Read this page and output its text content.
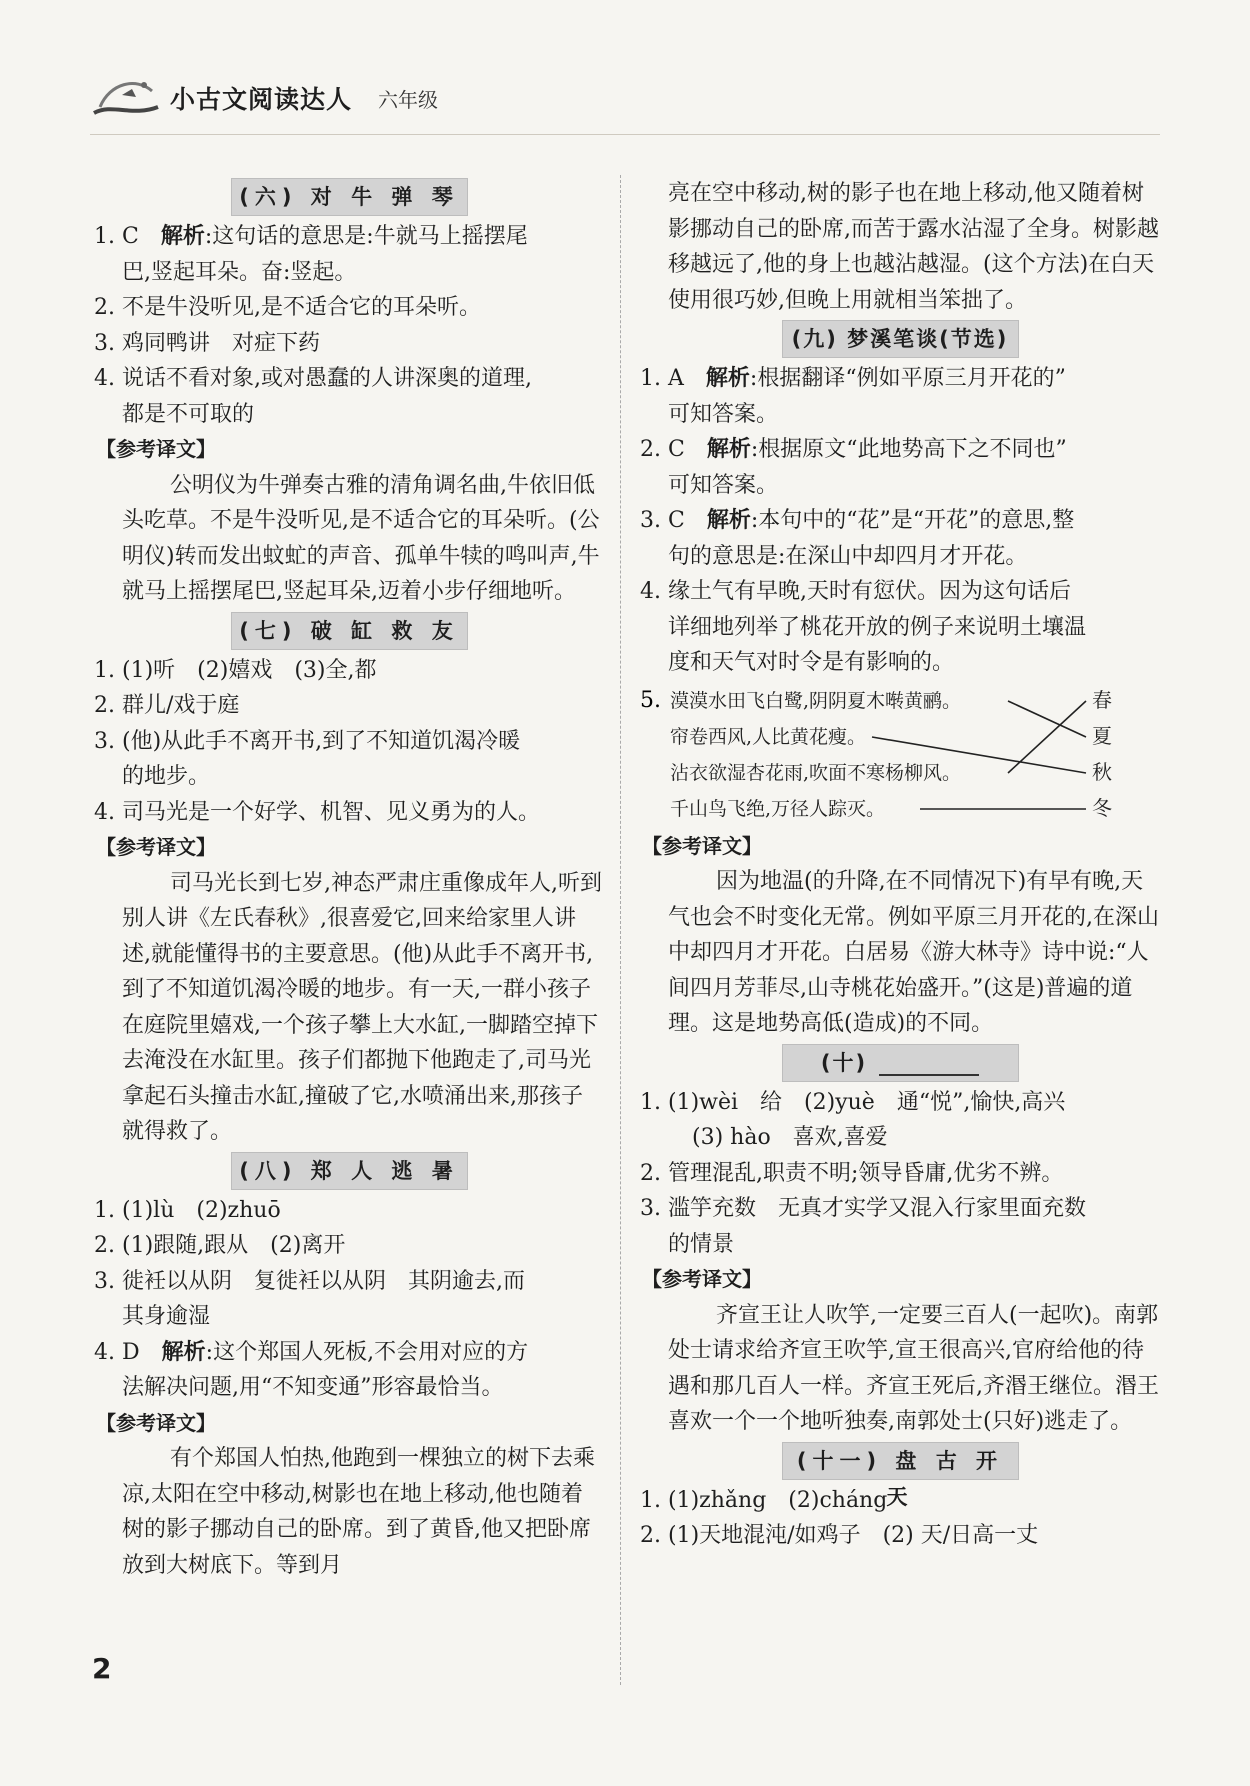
小古文阅读达人 六年级
(六) 对 牛 弹 琴
1. C　 解析:这句话的意思是:牛就马上摇摆尾
巴,竖起耳朵。奋:竖起。
2. 不是牛没听见,是不适合它的耳朵听。
3. 鸡同鸭讲　对症下药
4. 说话不看对象,或对愚蠢的人讲深奥的道理,
都是不可取的
【参考译文】
公明仪为牛弹奏古雅的清角调名曲,牛依旧低头吃草。不是牛没听见,是不适合它的耳朵听。(公明仪)转而发出蚊虻的声音、孤单牛犊的鸣叫声,牛就马上摇摆尾巴,竖起耳朵,迈着小步仔细地听。
(七) 破 缸 救 友
1. (1)听　(2)嬉戏　(3)全,都
2. 群儿/戏于庭
3. (他)从此手不离开书,到了不知道饥渴冷暖
的地步。
4. 司马光是一个好学、机智、见义勇为的人。
【参考译文】
司马光长到七岁,神态严肃庄重像成年人,听到别人讲《左氏春秋》,很喜爱它,回来给家里人讲述,就能懂得书的主要意思。(他)从此手不离开书,到了不知道饥渴冷暖的地步。有一天,一群小孩子在庭院里嬉戏,一个孩子攀上大水缸,一脚踏空掉下去淹没在水缸里。孩子们都抛下他跑走了,司马光拿起石头撞击水缸,撞破了它,水喷涌出来,那孩子就得救了。
(八) 郑 人 逃 暑
1. (1)lù　(2)zhuō
2. (1)跟随,跟从　(2)离开
3. 徙衽以从阴　复徙衽以从阴　其阴逾去,而
其身逾湿
4. D　 解析:这个郑国人死板,不会用对应的方
法解决问题,用“不知变通”形容最恰当。
【参考译文】
有个郑国人怕热,他跑到一棵独立的树下去乘凉,太阳在空中移动,树影也在地上移动,他也随着树的影子挪动自己的卧席。到了黄昏,他又把卧席放到大树底下。等到月
亮在空中移动,树的影子也在地上移动,他又随着树影挪动自己的卧席,而苦于露水沾湿了全身。树影越移越远了,他的身上也越沾越湿。(这个方法)在白天使用很巧妙,但晚上用就相当笨拙了。
(九) 梦溪笔谈(节选)
1. A　 解析:根据翻译“例如平原三月开花的”
可知答案。
2. C　 解析:根据原文“此地势高下之不同也”
可知答案。
3. C　 解析:本句中的“花”是“开花”的意思,整
句的意思是:在深山中却四月才开花。
4. 缘土气有早晚,天时有愆伏。因为这句话后
详细地列举了桃花开放的例子来说明土壤温
度和天气对时令是有影响的。
5. 漠漠水田飞白鹭,阴阴夏木啭黄鹂。
帘卷西风,人比黄花瘦。
沾衣欲湿杏花雨,吹面不寒杨柳风。
千山鸟飞绝,万径人踪灭。
春
夏
秋
冬
【参考译文】
因为地温(的升降,在不同情况下)有早有晚,天气也会不时变化无常。例如平原三月开花的,在深山中却四月才开花。白居易《游大林寺》诗中说:“人间四月芳菲尽,山寺桃花始盛开。”(这是)普遍的道理。这是地势高低(造成)的不同。
(十)
1. (1)wèi　给　(2)yuè　通“悦”,愉快,高兴
(3) hào　喜欢,喜爱
2. 管理混乱,职责不明;领导昏庸,优劣不辨。
3. 滥竽充数　无真才实学又混入行家里面充数
的情景
【参考译文】
齐宣王让人吹竽,一定要三百人(一起吹)。南郭处士请求给齐宣王吹竽,宣王很高兴,官府给他的待遇和那几百人一样。齐宣王死后,齐湣王继位。湣王喜欢一个一个地听独奏,南郭处士(只好)逃走了。
(十一) 盘 古 开 天
1. (1)zhǎng　(2)cháng
2. (1)天地混沌/如鸡子　(2) 天/日高一丈
2
